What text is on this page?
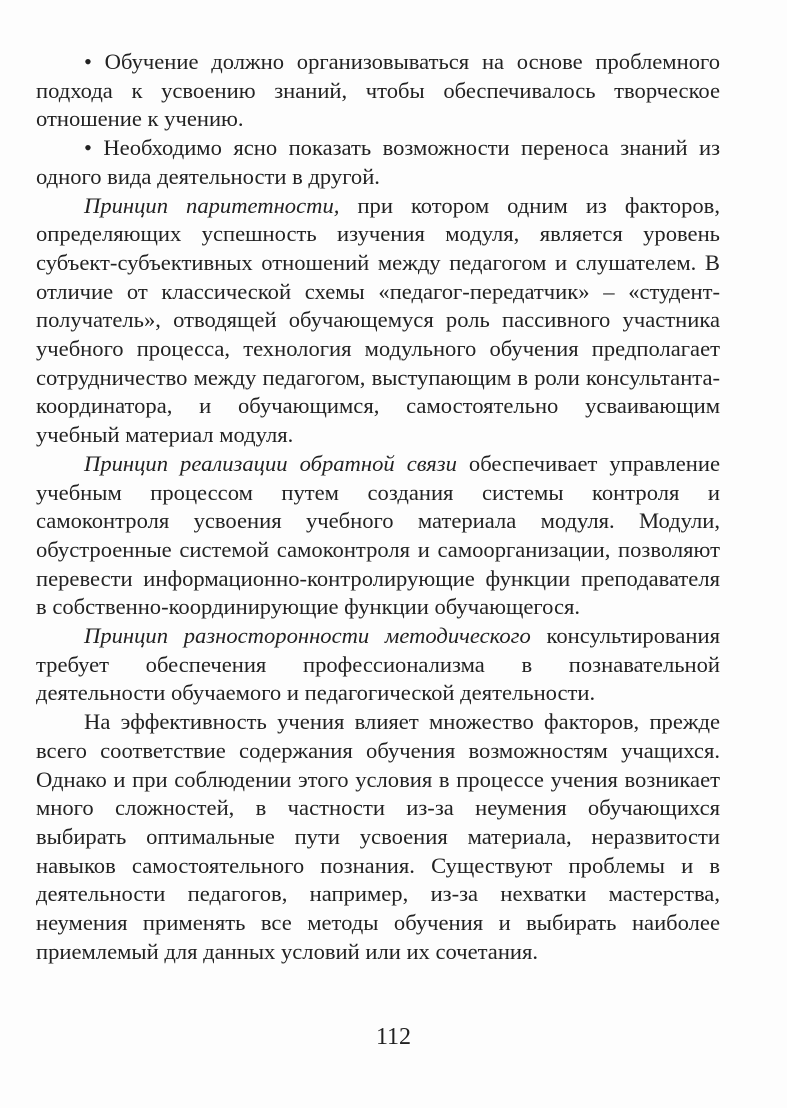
• Обучение должно организовываться на основе проблемного подхода к усвоению знаний, чтобы обеспечивалось творческое отношение к учению.

• Необходимо ясно показать возможности переноса знаний из одного вида деятельности в другой.

Принцип паритетности, при котором одним из факторов, определяющих успешность изучения модуля, является уровень субъект-субъективных отношений между педагогом и слушателем. В отличие от классической схемы «педагог-передатчик» – «студент-получатель», отводящей обучающемуся роль пассивного участника учебного процесса, технология модульного обучения предполагает сотрудничество между педагогом, выступающим в роли консультанта-координатора, и обучающимся, самостоятельно усваивающим учебный материал модуля.

Принцип реализации обратной связи обеспечивает управление учебным процессом путем создания системы контроля и самоконтроля усвоения учебного материала модуля. Модули, обустроенные системой самоконтроля и самоорганизации, позволяют перевести информационно-контролирующие функции преподавателя в собственно-координирующие функции обучающегося.

Принцип разносторонности методического консультирования требует обеспечения профессионализма в познавательной деятельности обучаемого и педагогической деятельности.

На эффективность учения влияет множество факторов, прежде всего соответствие содержания обучения возможностям учащихся. Однако и при соблюдении этого условия в процессе учения возникает много сложностей, в частности из-за неумения обучающихся выбирать оптимальные пути усвоения материала, неразвитости навыков самостоятельного познания. Существуют проблемы и в деятельности педагогов, например, из-за нехватки мастерства, неумения применять все методы обучения и выбирать наиболее приемлемый для данных условий или их сочетания.

112
